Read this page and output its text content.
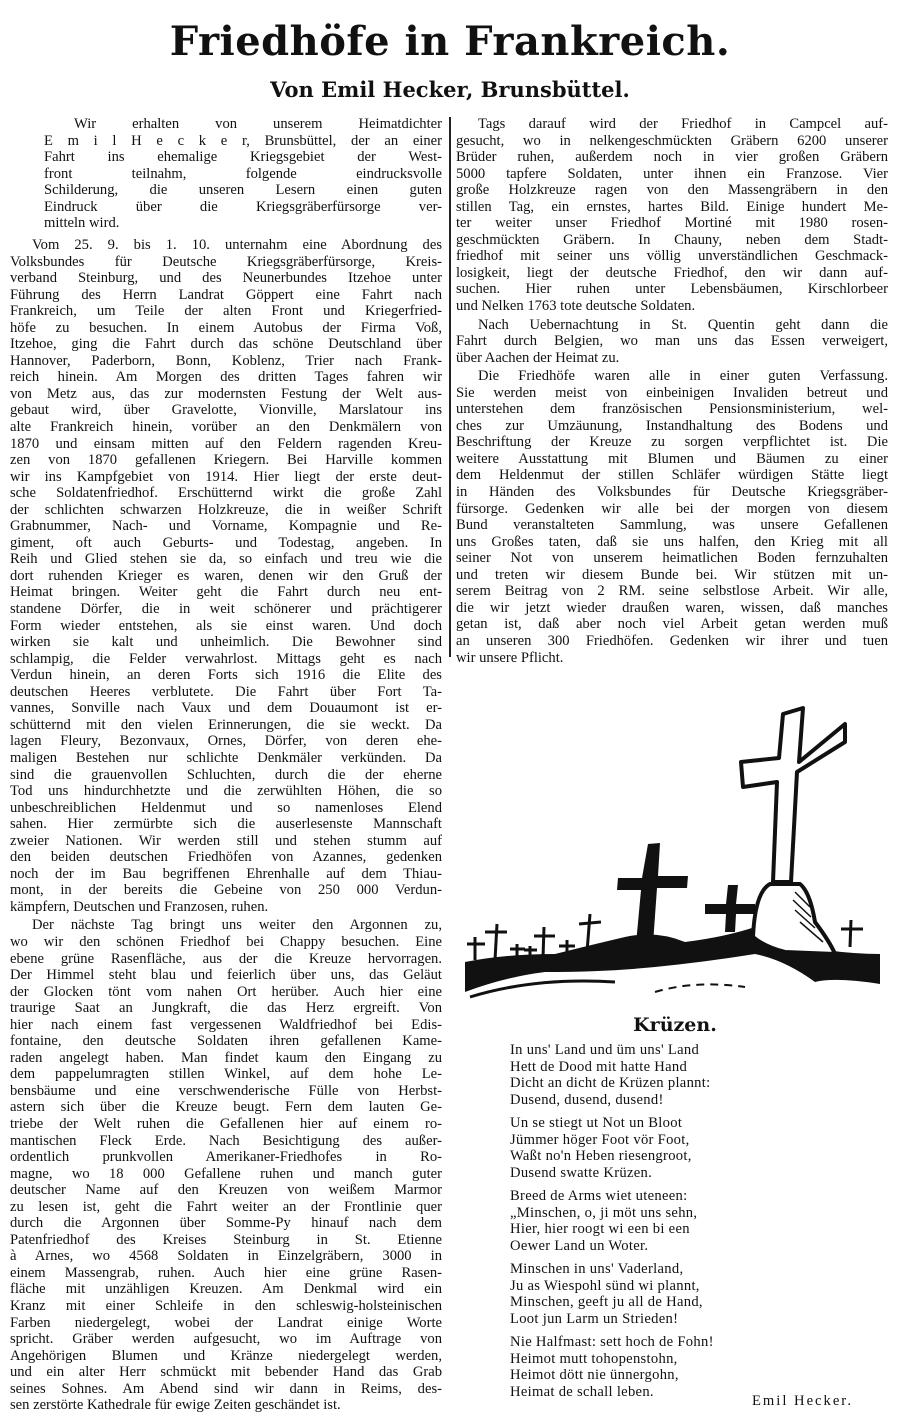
Friedhöfe in Frankreich.
Von Emil Hecker, Brunsbüttel.
Wir erhalten von unserem Heimatdichter
E m i l H e c k e r, Brunsbüttel, der an einer
Fahrt ins ehemalige Kriegsgebiet der West-
front teilnahm, folgende eindrucksvolle
Schilderung, die unseren Lesern einen guten
Eindruck über die Kriegsgräberfürsorge ver-
mitteln wird.
Vom 25. 9. bis 1. 10. unternahm eine Abordnung des
Volksbundes für Deutsche Kriegsgräberfürsorge, Kreis-
verband Steinburg, und des Neunerbundes Itzehoe unter
Führung des Herrn Landrat Göppert eine Fahrt nach
Frankreich, um Teile der alten Front und Kriegerfried-
höfe zu besuchen. In einem Autobus der Firma Voß,
Itzehoe, ging die Fahrt durch das schöne Deutschland über
Hannover, Paderborn, Bonn, Koblenz, Trier nach Frank-
reich hinein. Am Morgen des dritten Tages fahren wir
von Metz aus, das zur modernsten Festung der Welt aus-
gebaut wird, über Gravelotte, Vionville, Marslatour ins
alte Frankreich hinein, vorüber an den Denkmälern von
1870 und einsam mitten auf den Feldern ragenden Kreu-
zen von 1870 gefallenen Kriegern. Bei Harville kommen
wir ins Kampfgebiet von 1914. Hier liegt der erste deut-
sche Soldatenfriedhof. Erschütternd wirkt die große Zahl
der schlichten schwarzen Holzkreuze, die in weißer Schrift
Grabnummer, Nach- und Vorname, Kompagnie und Re-
giment, oft auch Geburts- und Todestag, angeben. In
Reih und Glied stehen sie da, so einfach und treu wie die
dort ruhenden Krieger es waren, denen wir den Gruß der
Heimat bringen. Weiter geht die Fahrt durch neu ent-
standene Dörfer, die in weit schönerer und prächtigerer
Form wieder entstehen, als sie einst waren. Und doch
wirken sie kalt und unheimlich. Die Bewohner sind
schlampig, die Felder verwahrlost. Mittags geht es nach
Verdun hinein, an deren Forts sich 1916 die Elite des
deutschen Heeres verblutete. Die Fahrt über Fort Ta-
vannes, Sonville nach Vaux und dem Douaumont ist er-
schütternd mit den vielen Erinnerungen, die sie weckt. Da
lagen Fleury, Bezonvaux, Ornes, Dörfer, von deren ehe-
maligen Bestehen nur schlichte Denkmäler verkünden. Da
sind die grauenvollen Schluchten, durch die der eherne
Tod uns hindurchhetzte und die zerwühlten Höhen, die so
unbeschreiblichen Heldenmut und so namenloses Elend
sahen. Hier zermürbte sich die auserlesenste Mannschaft
zweier Nationen. Wir werden still und stehen stumm auf
den beiden deutschen Friedhöfen von Azannes, gedenken
noch der im Bau begriffenen Ehrenhalle auf dem Thiau-
mont, in der bereits die Gebeine von 250 000 Verdun-
kämpfern, Deutschen und Franzosen, ruhen.
Der nächste Tag bringt uns weiter den Argonnen zu,
wo wir den schönen Friedhof bei Chappy besuchen. Eine
ebene grüne Rasenfläche, aus der die Kreuze hervorragen.
Der Himmel steht blau und feierlich über uns, das Geläut
der Glocken tönt vom nahen Ort herüber. Auch hier eine
traurige Saat an Jungkraft, die das Herz ergreift. Von
hier nach einem fast vergessenen Waldfriedhof bei Edis-
fontaine, den deutsche Soldaten ihren gefallenen Kame-
raden angelegt haben. Man findet kaum den Eingang zu
dem pappelumragten stillen Winkel, auf dem hohe Le-
bensbäume und eine verschwenderische Fülle von Herbst-
astern sich über die Kreuze beugt. Fern dem lauten Ge-
triebe der Welt ruhen die Gefallenen hier auf einem ro-
mantischen Fleck Erde. Nach Besichtigung des außer-
ordentlich prunkvollen Amerikaner-Friedhofes in Ro-
magne, wo 18 000 Gefallene ruhen und manch guter
deutscher Name auf den Kreuzen von weißem Marmor
zu lesen ist, geht die Fahrt weiter an der Frontlinie quer
durch die Argonnen über Somme-Py hinauf nach dem
Patenfriedhof des Kreises Steinburg in St. Etienne
à Arnes, wo 4568 Soldaten in Einzelgräbern, 3000 in
einem Massengrab, ruhen. Auch hier eine grüne Rasen-
fläche mit unzähligen Kreuzen. Am Denkmal wird ein
Kranz mit einer Schleife in den schleswig-holsteinischen
Farben niedergelegt, wobei der Landrat einige Worte
spricht. Gräber werden aufgesucht, wo im Auftrage von
Angehörigen Blumen und Kränze niedergelegt werden,
und ein alter Herr schmückt mit bebender Hand das Grab
seines Sohnes. Am Abend sind wir dann in Reims, des-
sen zerstörte Kathedrale für ewige Zeiten geschändet ist.
Tags darauf wird der Friedhof in Campcel auf-
gesucht, wo in nelkengeschmückten Gräbern 6200 unserer
Brüder ruhen, außerdem noch in vier großen Gräbern
5000 tapfere Soldaten, unter ihnen ein Franzose. Vier
große Holzkreuze ragen von den Massengräbern in den
stillen Tag, ein ernstes, hartes Bild. Einige hundert Me-
ter weiter unser Friedhof Mortiné mit 1980 rosen-
geschmückten Gräbern. In Chauny, neben dem Stadt-
friedhof mit seiner uns völlig unverständlichen Geschmack-
losigkeit, liegt der deutsche Friedhof, den wir dann auf-
suchen. Hier ruhen unter Lebensbäumen, Kirschlorbeer
und Nelken 1763 tote deutsche Soldaten.
Nach Uebernachtung in St. Quentin geht dann die
Fahrt durch Belgien, wo man uns das Essen verweigert,
über Aachen der Heimat zu.
Die Friedhöfe waren alle in einer guten Verfassung.
Sie werden meist von einbeinigen Invaliden betreut und
unterstehen dem französischen Pensionsministerium, wel-
ches zur Umzäunung, Instandhaltung des Bodens und
Beschriftung der Kreuze zu sorgen verpflichtet ist. Die
weitere Ausstattung mit Blumen und Bäumen zu einer
dem Heldenmut der stillen Schläfer würdigen Stätte liegt
in Händen des Volksbundes für Deutsche Kriegsgräber-
fürsorge. Gedenken wir alle bei der morgen von diesem
Bund veranstalteten Sammlung, was unsere Gefallenen
uns Großes taten, daß sie uns halfen, den Krieg mit all
seiner Not von unserem heimatlichen Boden fernzuhalten
und treten wir diesem Bunde bei. Wir stützen mit un-
serem Beitrag von 2 RM. seine selbstlose Arbeit. Wir alle,
die wir jetzt wieder draußen waren, wissen, daß manches
getan ist, daß aber noch viel Arbeit getan werden muß
an unseren 300 Friedhöfen. Gedenken wir ihrer und tuen
wir unsere Pflicht.
Krüzen.
In uns' Land und üm uns' Land
Hett de Dood mit hatte Hand
Dicht an dicht de Krüzen plannt:
Dusend, dusend, dusend!
Un se stiegt ut Not un Bloot
Jümmer höger Foot vör Foot,
Waßt no'n Heben riesengroot,
Dusend swatte Krüzen.
Breed de Arms wiet uteneen:
„Minschen, o, ji möt uns sehn,
Hier, hier roogt wi een bi een
Oewer Land un Woter.
Minschen in uns' Vaderland,
Ju as Wiespohl sünd wi plannt,
Minschen, geeft ju all de Hand,
Loot jun Larm un Strieden!
Nie Halfmast: sett hoch de Fohn!
Heimot mutt tohopenstohn,
Heimot dött nie ünnergohn,
Heimat de schall leben.
Emil Hecker.
